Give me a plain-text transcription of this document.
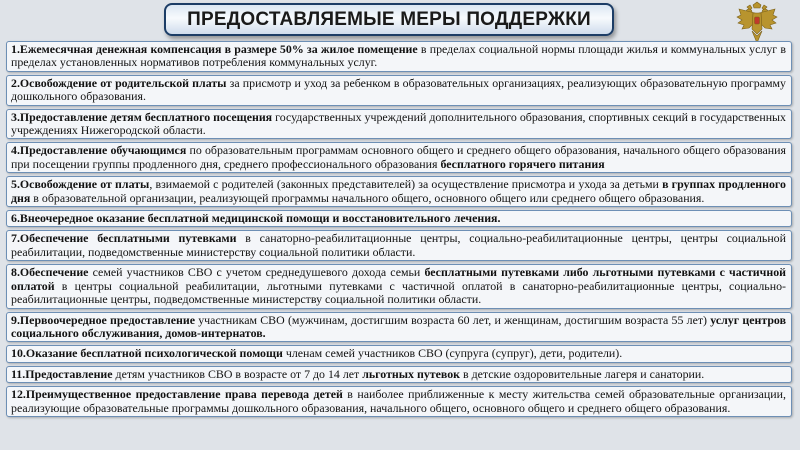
ПРЕДОСТАВЛЯЕМЫЕ МЕРЫ ПОДДЕРЖКИ
1.Ежемесячная денежная компенсация в размере 50% за жилое помещение в пределах социальной нормы площади жилья и коммунальных услуг в пределах установленных нормативов потребления коммунальных услуг.
2.Освобождение от родительской платы за присмотр и уход за ребенком в образовательных организациях, реализующих образовательную программу дошкольного образования.
3.Предоставление детям бесплатного посещения государственных учреждений дополнительного образования, спортивных секций в государственных учреждениях Нижегородской области.
4.Предоставление обучающимся по образовательным программам основного общего и среднего общего образования, начального общего образования при посещении группы продленного дня, среднего профессионального образования бесплатного горячего питания
5.Освобождение от платы, взимаемой с родителей (законных представителей) за осуществление присмотра и ухода за детьми в группах продленного дня в образовательной организации, реализующей программы начального общего, основного общего или среднего общего образования.
6.Внеочередное оказание бесплатной медицинской помощи и восстановительного лечения.
7.Обеспечение бесплатными путевками в санаторно-реабилитационные центры, социально-реабилитационные центры, центры социальной реабилитации, подведомственные министерству социальной политики области.
8.Обеспечение семей участников СВО с учетом среднедушевого дохода семьи бесплатными путевками либо льготными путевками с частичной оплатой в центры социальной реабилитации, льготными путевками с частичной оплатой в санаторно-реабилитационные центры, социально-реабилитационные центры, подведомственные министерству социальной политики области.
9.Первоочередное предоставление участникам СВО (мужчинам, достигшим возраста 60 лет, и женщинам, достигшим возраста 55 лет) услуг центров социального обслуживания, домов-интернатов.
10.Оказание бесплатной психологической помощи членам семей участников СВО (супруга (супруг), дети, родители).
11.Предоставление детям участников СВО в возрасте от 7 до 14 лет льготных путевок в детские оздоровительные лагеря и санатории.
12.Преимущественное предоставление права перевода детей в наиболее приближенные к месту жительства семей образовательные организации, реализующие образовательные программы дошкольного образования, начального общего, основного общего и среднего общего образования.
